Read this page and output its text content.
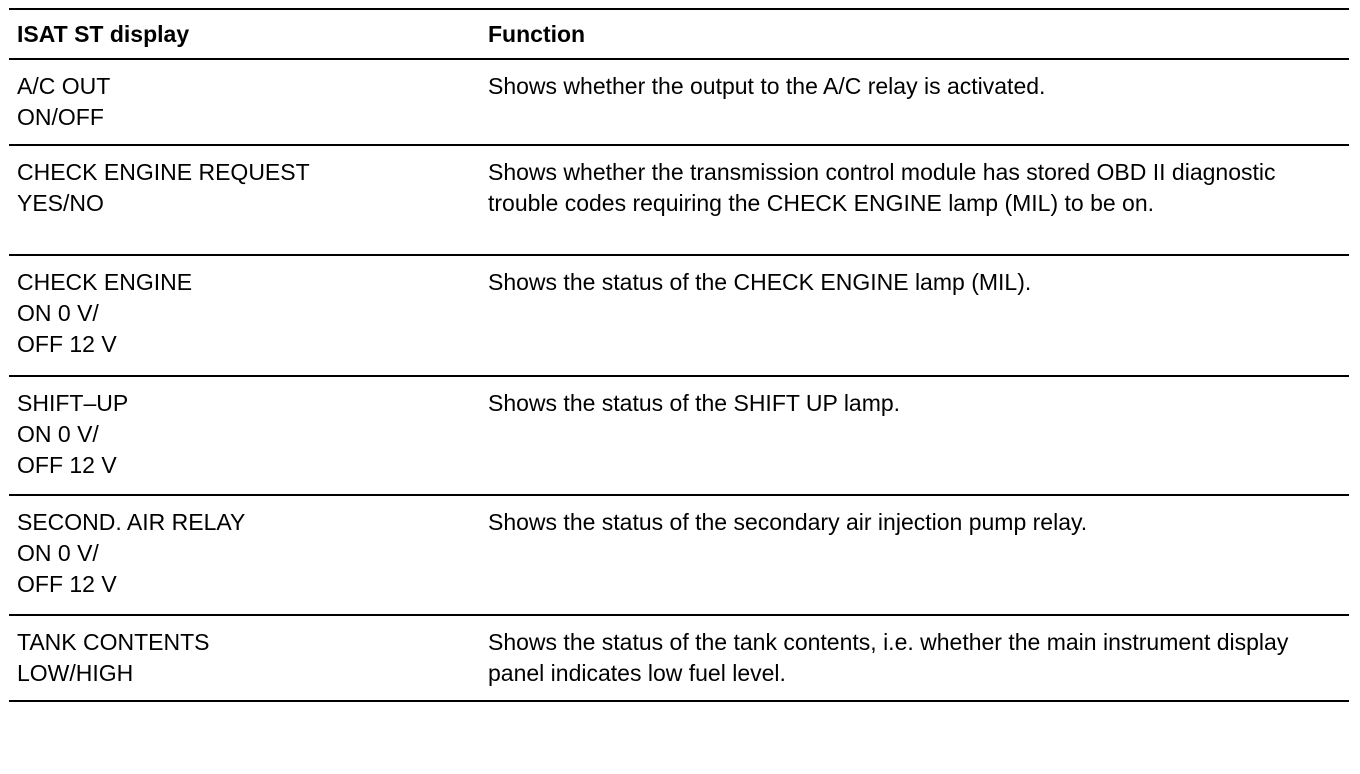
ISAT ST display	Function

A/C OUT
ON/OFF	Shows whether the output to the A/C relay is activated.

CHECK ENGINE REQUEST
YES/NO	Shows whether the transmission control module has stored OBD II diagnostic trouble codes requiring the CHECK ENGINE lamp (MIL) to be on.

CHECK ENGINE
ON 0 V/
OFF 12 V	Shows the status of the CHECK ENGINE lamp (MIL).

SHIFT–UP
ON 0 V/
OFF 12 V	Shows the status of the SHIFT UP lamp.

SECOND. AIR RELAY
ON 0 V/
OFF 12 V	Shows the status of the secondary air injection pump relay.

TANK CONTENTS
LOW/HIGH	Shows the status of the tank contents, i.e. whether the main instrument display panel indicates low fuel level.
